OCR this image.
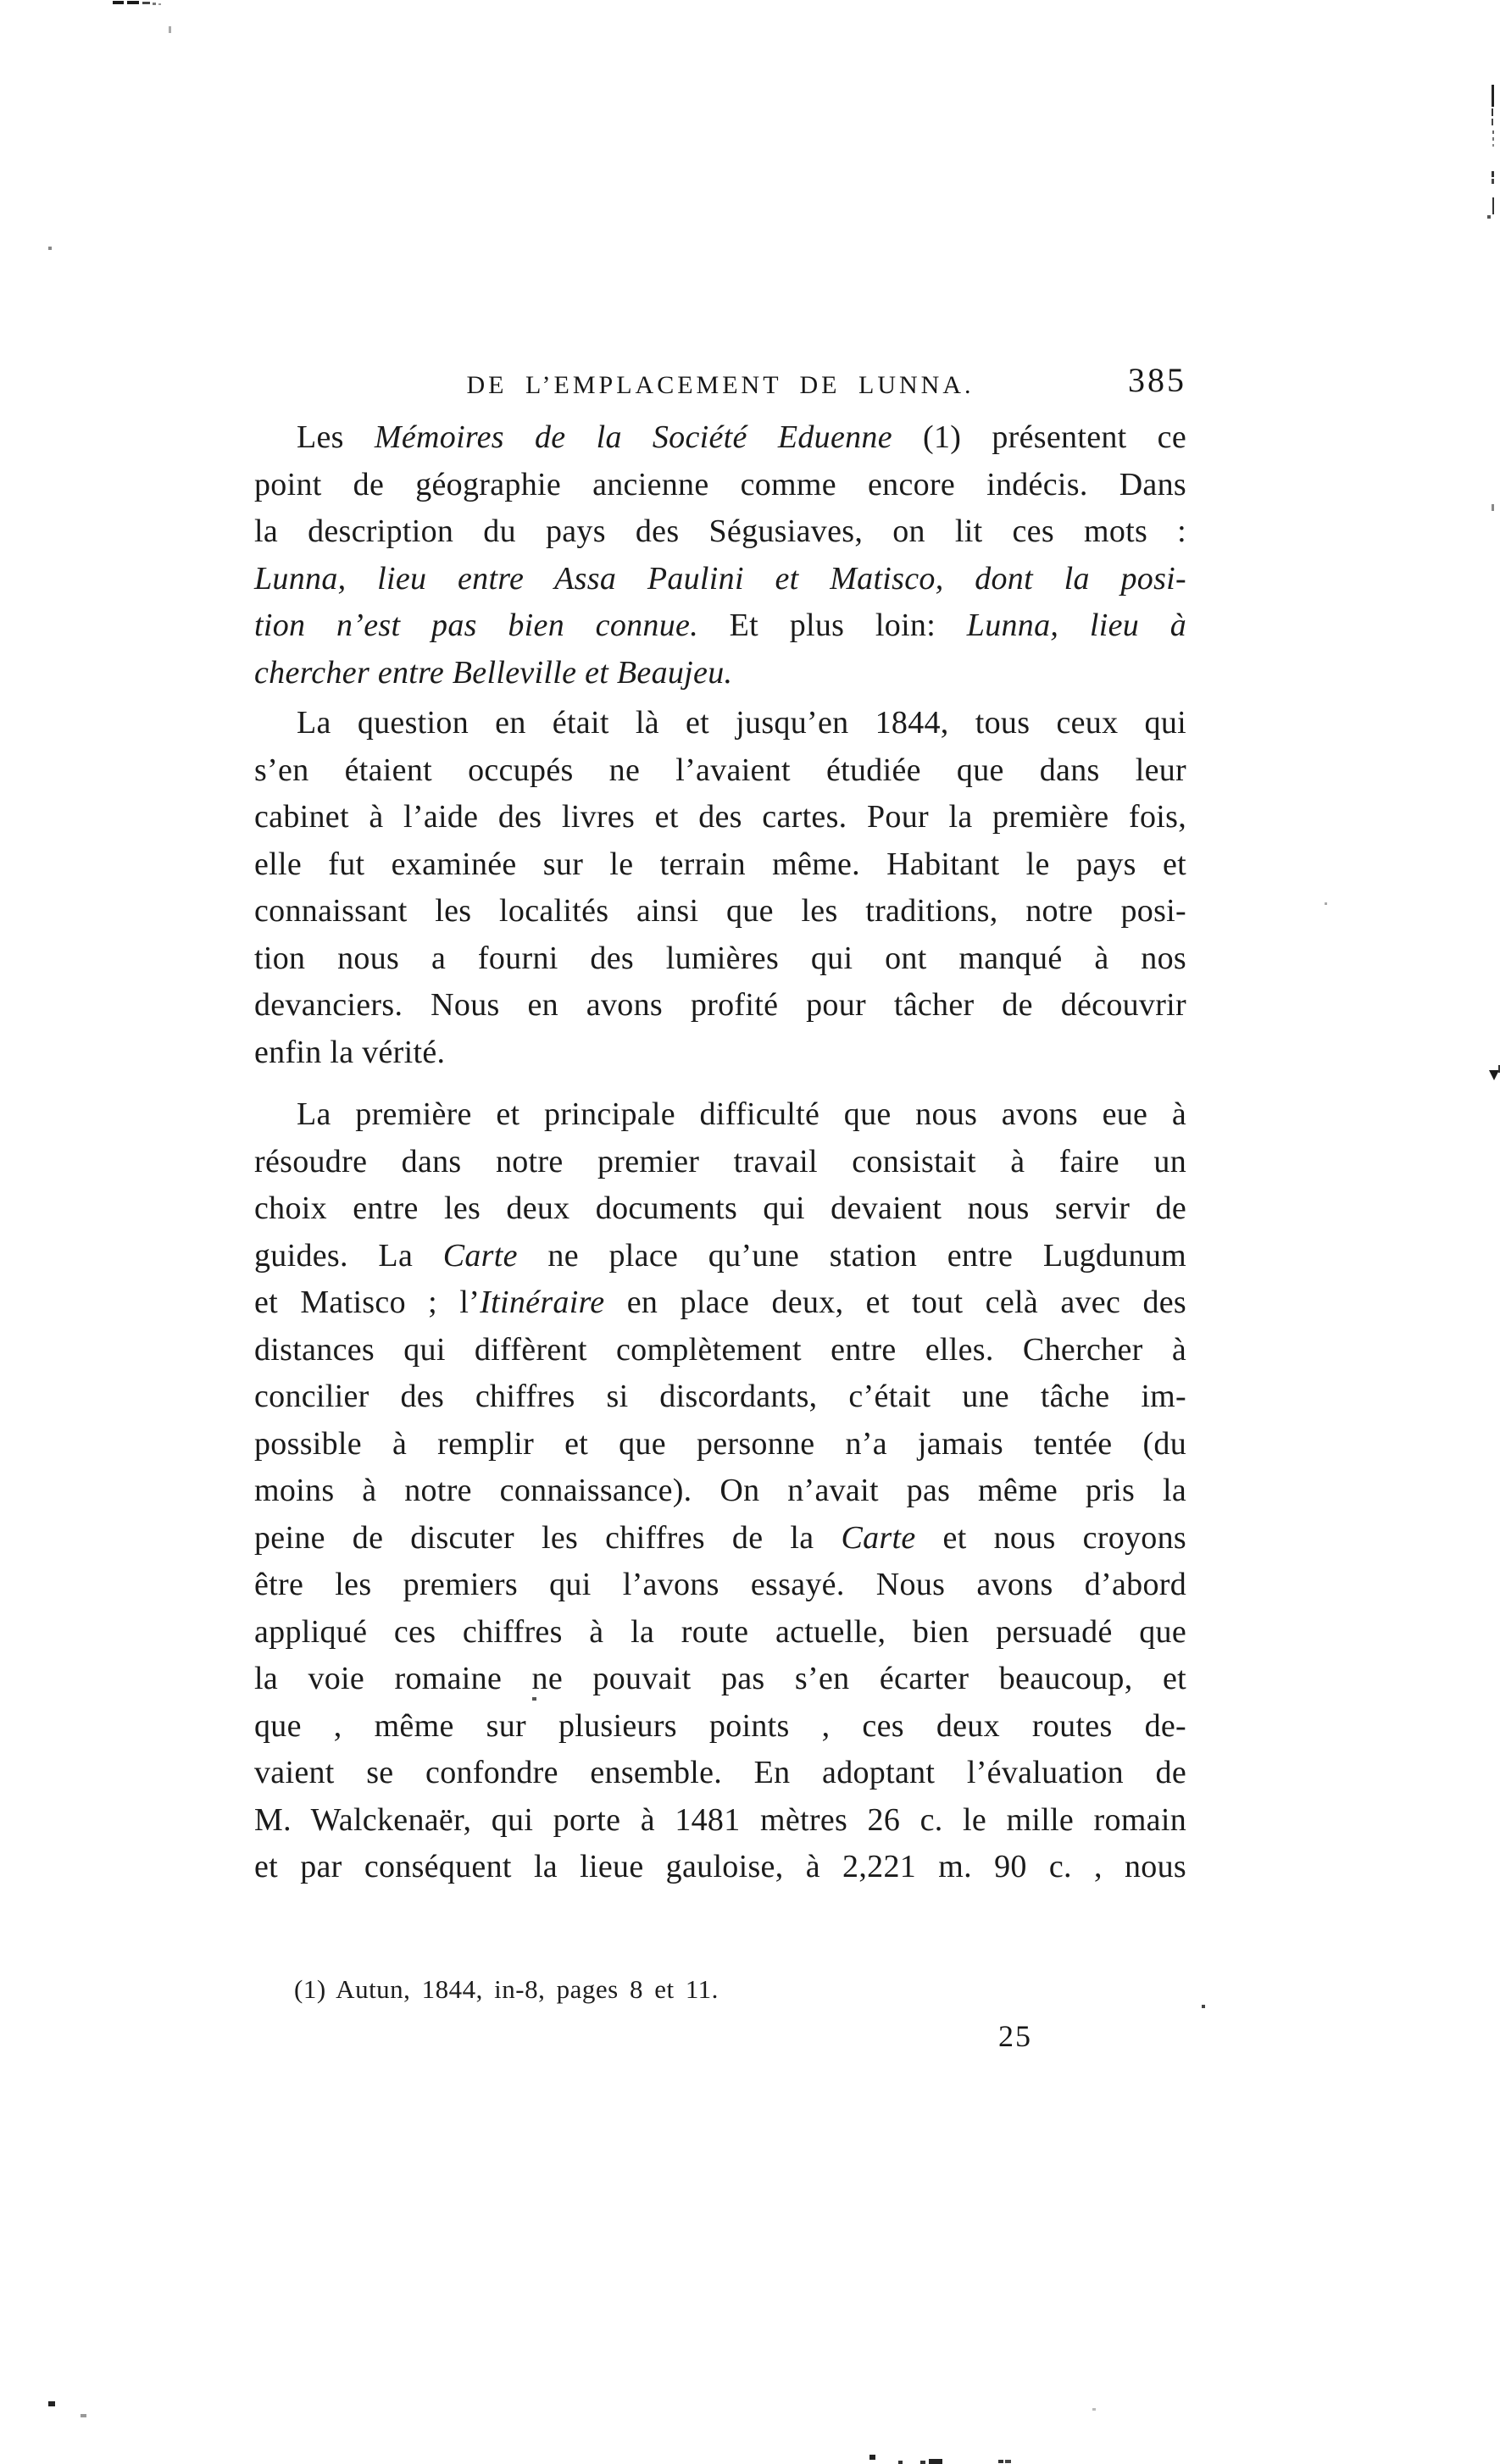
DE L’EMPLACEMENT DE LUNNA.	385
Les Mémoires de la Société Eduenne (1) présentent ce
point de géographie ancienne comme encore indécis. Dans
la description du pays des Ségusiaves, on lit ces mots :
Lunna, lieu entre Assa Paulini et Matisco, dont la posi-
tion n’est pas bien connue. Et plus loin: Lunna, lieu à
chercher entre Belleville et Beaujeu.
La question en était là et jusqu’en 1844, tous ceux qui
s’en étaient occupés ne l’avaient étudiée que dans leur
cabinet à l’aide des livres et des cartes. Pour la première fois,
elle fut examinée sur le terrain même. Habitant le pays et
connaissant les localités ainsi que les traditions, notre posi-
tion nous a fourni des lumières qui ont manqué à nos
devanciers. Nous en avons profité pour tâcher de découvrir
enfin la vérité.
La première et principale difficulté que nous avons eue à
résoudre dans notre premier travail consistait à faire un
choix entre les deux documents qui devaient nous servir de
guides. La Carte ne place qu’une station entre Lugdunum
et Matisco ; l’Itinéraire en place deux, et tout celà avec des
distances qui diffèrent complètement entre elles. Chercher à
concilier des chiffres si discordants, c’était une tâche im-
possible à remplir et que personne n’a jamais tentée (du
moins à notre connaissance). On n’avait pas même pris la
peine de discuter les chiffres de la Carte et nous croyons
être les premiers qui l’avons essayé. Nous avons d’abord
appliqué ces chiffres à la route actuelle, bien persuadé que
la voie romaine ne pouvait pas s’en écarter beaucoup, et
que , même sur plusieurs points , ces deux routes de-
vaient se confondre ensemble. En adoptant l’évaluation de
M. Walckenaër, qui porte à 1481 mètres 26 c. le mille romain
et par conséquent la lieue gauloise, à 2,221 m. 90 c. , nous
(1) Autun, 1844, in-8, pages 8 et 11.
25
